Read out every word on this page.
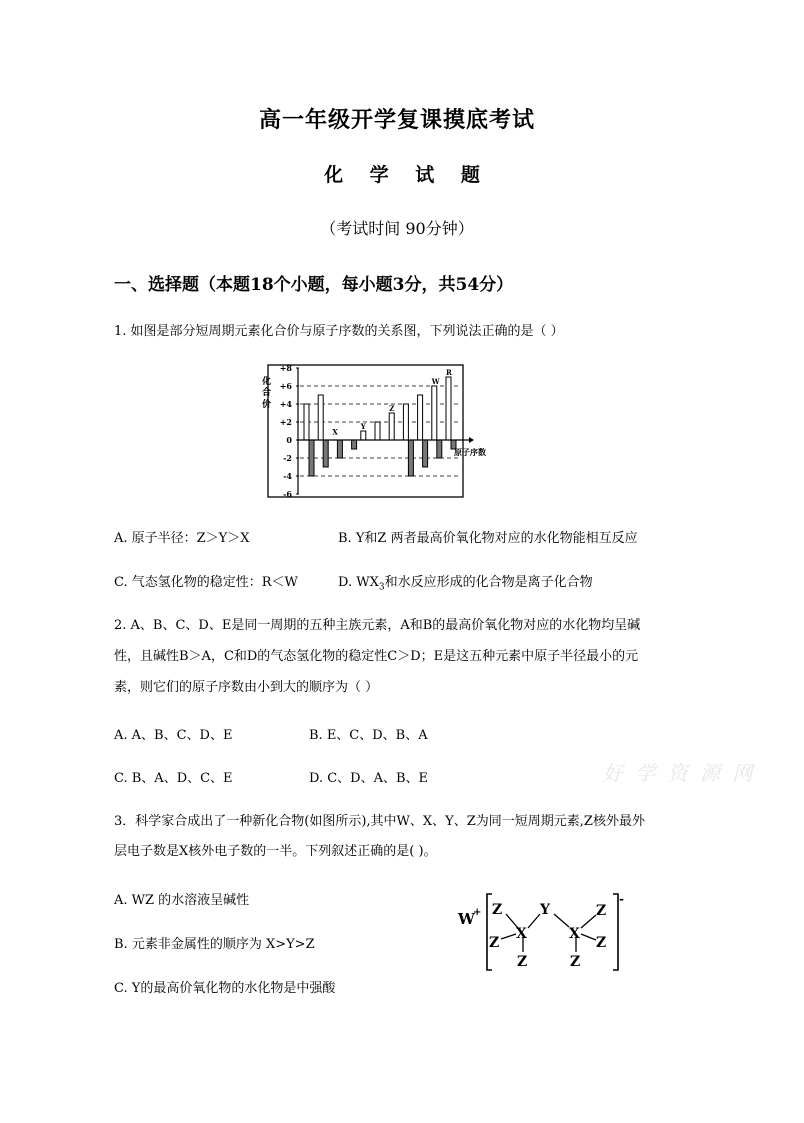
高一年级开学复课摸底考试
化 学 试 题
（考试时间 90分钟）
一、选择题（本题18个小题，每小题3分，共54分）
1. 如图是部分短周期元素化合价与原子序数的关系图，下列说法正确的是（ ）
+8
+6
+4
+2
0
-2
-4
-6
X
Y
Z
W
R
化
合
价
原子序数
A. 原子半径：Z＞Y＞X	B. Y和Z 两者最高价氧化物对应的水化物能相互反应
C. 气态氢化物的稳定性：R＜W	D. $WX_3$和水反应形成的化合物是离子化合物
2. A、B、C、D、E是同一周期的五种主族元素，A和B的最高价氧化物对应的水化物均呈碱
性，且碱性B＞A，C和D的气态氢化物的稳定性C＞D；E是这五种元素中原子半径最小的元
素，则它们的原子序数由小到大的顺序为（ ）
A. A、B、C、D、E	B. E、C、D、B、A
C. B、A、D、C、E	D. C、D、A、B、E	好 学 资 源 网
3．科学家合成出了一种新化合物(如图所示),其中W、X、Y、Z为同一短周期元素,Z核外最外
层电子数是X核外电子数的一半。下列叙述正确的是( )。
A. WZ 的水溶液呈碱性
B. 元素非金属性的顺序为 X>Y>Z
C. Y的最高价氧化物的水化物是中强酸
W
+
-
Z
Z
X
Z
Y
X
Z
Z
Z
